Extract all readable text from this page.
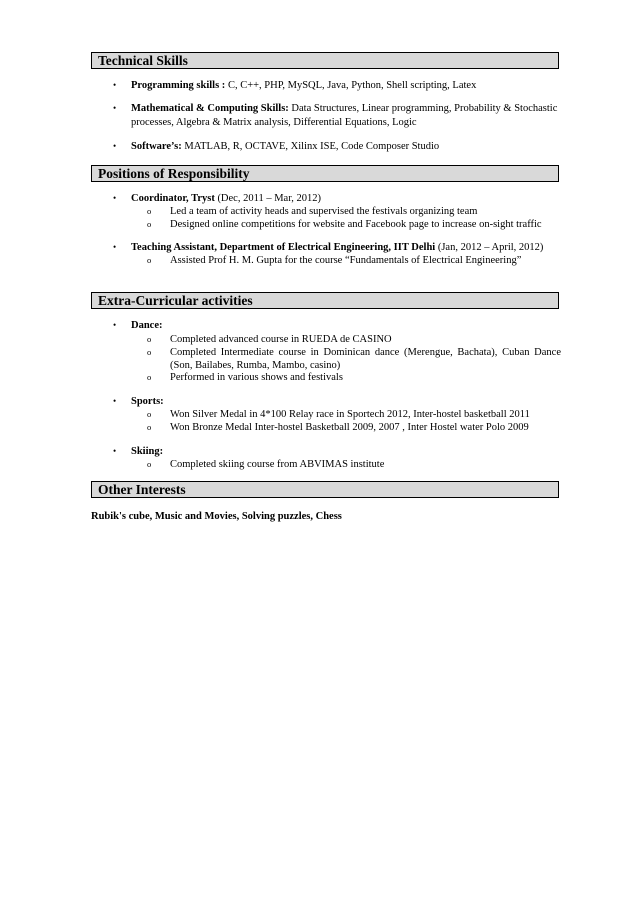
Technical Skills
• Programming skills : C, C++, PHP, MySQL, Java, Python, Shell scripting, Latex
• Mathematical & Computing Skills: Data Structures, Linear programming, Probability & Stochastic
processes, Algebra & Matrix analysis, Differential Equations, Logic
• Software’s: MATLAB, R, OCTAVE, Xilinx ISE, Code Composer Studio
Positions of Responsibility
• Coordinator, Tryst (Dec, 2011 – Mar, 2012)
o Led a team of activity heads and supervised the festivals organizing team
o Designed online competitions for website and Facebook page to increase on-sight traffic
• Teaching Assistant, Department of Electrical Engineering, IIT Delhi (Jan, 2012 – April, 2012)
o Assisted Prof H. M. Gupta for the course “Fundamentals of Electrical Engineering”
Extra-Curricular activities
• Dance:
o Completed advanced course in RUEDA de CASINO
o Completed Intermediate course in Dominican dance (Merengue, Bachata), Cuban Dance
(Son, Bailabes, Rumba, Mambo, casino)
o Performed in various shows and festivals
• Sports:
o Won Silver Medal in 4*100 Relay race in Sportech 2012, Inter-hostel basketball 2011
o Won Bronze Medal Inter-hostel Basketball 2009, 2007 , Inter Hostel water Polo 2009
• Skiing:
o Completed skiing course from ABVIMAS institute
Other Interests
Rubik's cube, Music and Movies, Solving puzzles, Chess
